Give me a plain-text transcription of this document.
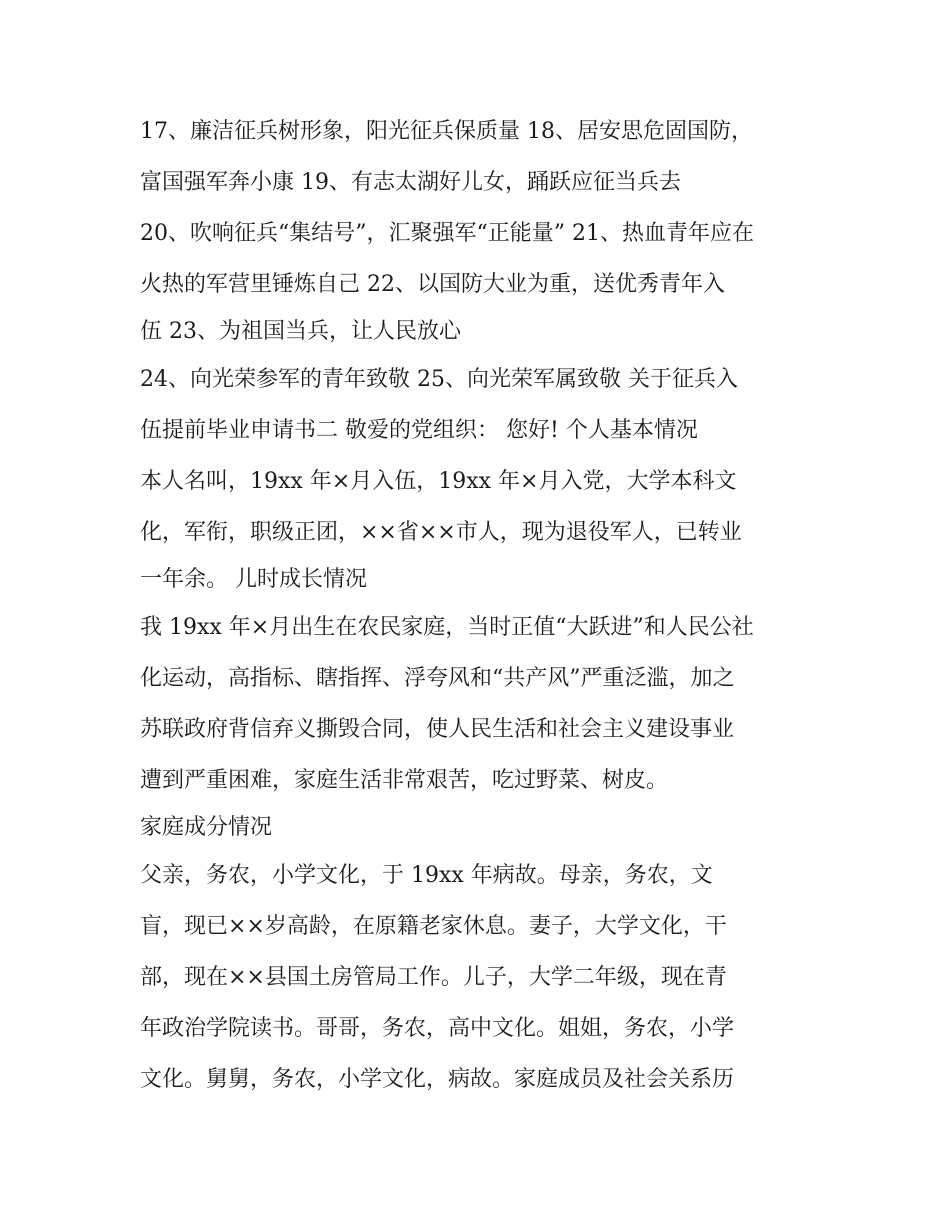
17、廉洁征兵树形象，阳光征兵保质量 18、居安思危固国防，
富国强军奔小康 19、有志太湖好儿女，踊跃应征当兵去
20、吹响征兵“集结号”，汇聚强军“正能量” 21、热血青年应在
火热的军营里锤炼自己 22、以国防大业为重，送优秀青年入
伍 23、为祖国当兵，让人民放心
24、向光荣参军的青年致敬 25、向光荣军属致敬 关于征兵入
伍提前毕业申请书二 敬爱的党组织： 您好! 个人基本情况
本人名叫，19xx 年×月入伍，19xx 年×月入党，大学本科文
化，军衔，职级正团，××省××市人，现为退役军人，已转业
一年余。 儿时成长情况
我 19xx 年×月出生在农民家庭，当时正值“大跃进”和人民公社
化运动，高指标、瞎指挥、浮夸风和“共产风”严重泛滥，加之
苏联政府背信弃义撕毁合同，使人民生活和社会主义建设事业
遭到严重困难，家庭生活非常艰苦，吃过野菜、树皮。
家庭成分情况
父亲，务农，小学文化，于 19xx 年病故。母亲，务农，文
盲，现已××岁高龄，在原籍老家休息。妻子，大学文化，干
部，现在××县国土房管局工作。儿子，大学二年级，现在青
年政治学院读书。哥哥，务农，高中文化。姐姐，务农，小学
文化。舅舅，务农，小学文化，病故。家庭成员及社会关系历
